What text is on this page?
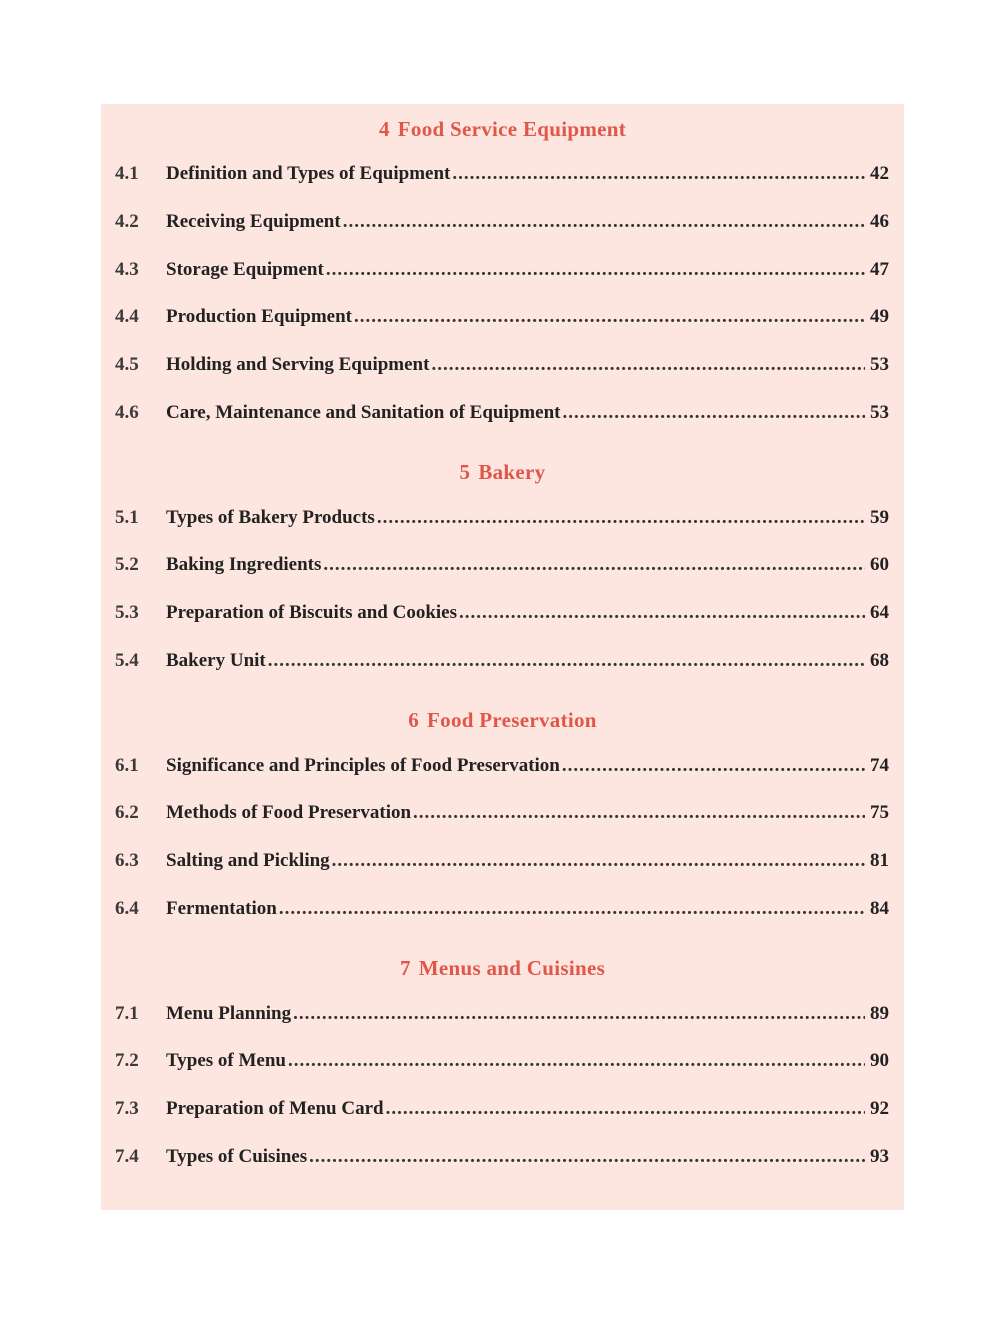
4 Food Service Equipment
4.1	Definition and Types of Equipment .....	42
4.2	Receiving Equipment .....	46
4.3	Storage Equipment .....	47
4.4	Production Equipment .....	49
4.5	Holding and Serving Equipment .....	53
4.6	Care, Maintenance and Sanitation of Equipment .....	53
5 Bakery
5.1	Types of Bakery Products .....	59
5.2	Baking Ingredients .....	60
5.3	Preparation of Biscuits and Cookies .....	64
5.4	Bakery Unit .....	68
6 Food Preservation
6.1	Significance and Principles of Food Preservation .....	74
6.2	Methods of Food Preservation .....	75
6.3	Salting and Pickling .....	81
6.4	Fermentation .....	84
7 Menus and Cuisines
7.1	Menu Planning .....	89
7.2	Types of Menu .....	90
7.3	Preparation of Menu Card .....	92
7.4	Types of Cuisines .....	93
